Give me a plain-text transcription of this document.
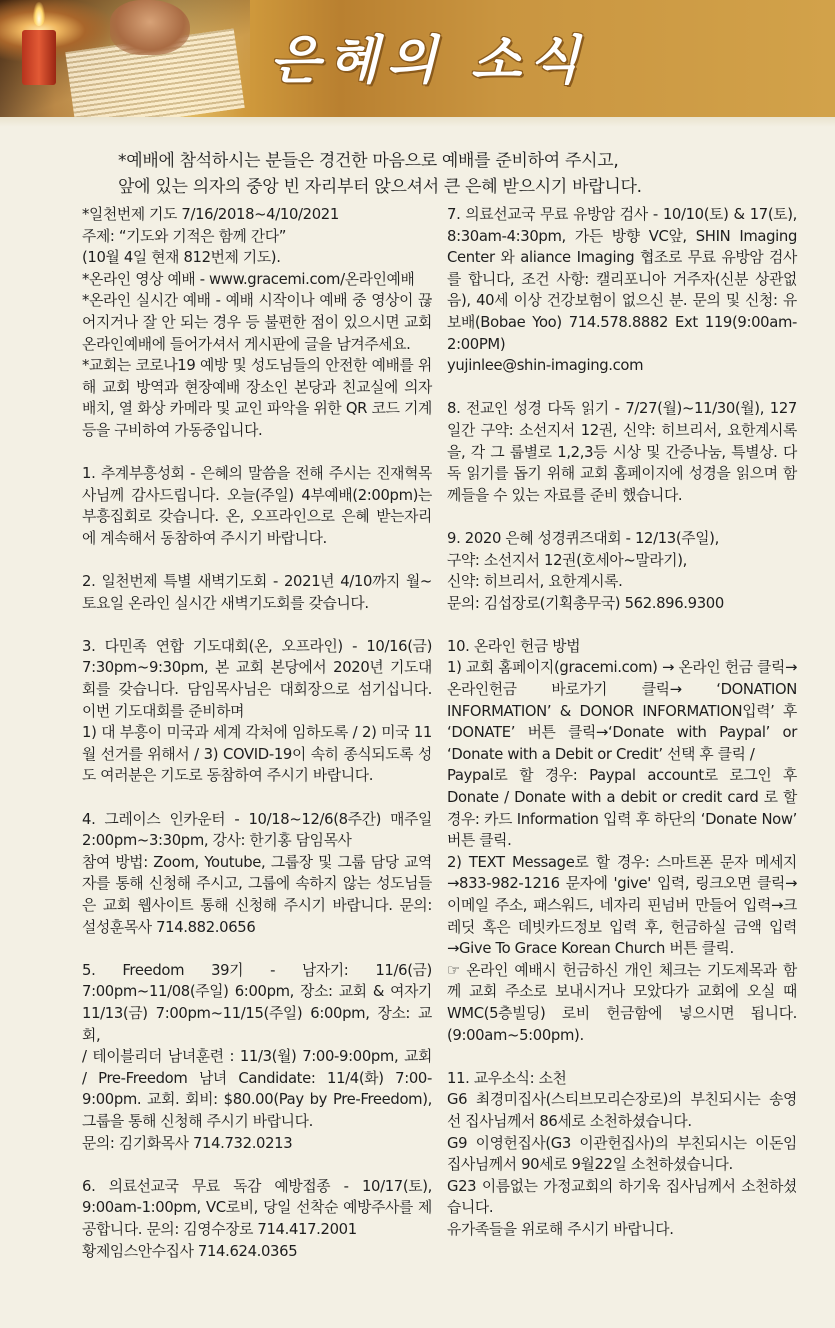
은혜의 소식
*예배에 참석하시는 분들은 경건한 마음으로 예배를 준비하여 주시고,
앞에 있는 의자의 중앙 빈 자리부터 앉으셔서 큰 은혜 받으시기 바랍니다.

*일천번제 기도 7/16/2018~4/10/2021
주제: “기도와 기적은 함께 간다”
(10월 4일 현재 812번제 기도).
*온라인 영상 예배 - www.gracemi.com/온라인예배
*온라인 실시간 예배 - 예배 시작이나 예배 중 영상이 끊어지거나 잘 안 되는 경우 등 불편한 점이 있으시면 교회 온라인예배에 들어가셔서 게시판에 글을 남겨주세요.
*교회는 코로나19 예방 및 성도님들의 안전한 예배를 위해 교회 방역과 현장예배 장소인 본당과 친교실에 의자 배치, 열 화상 카메라 및 교인 파악을 위한 QR 코드 기계 등을 구비하여 가동중입니다.

1. 추계부흥성회 - 은혜의 말씀을 전해 주시는 진재혁목사님께 감사드립니다. 오늘(주일) 4부예배(2:00pm)는 부흥집회로 갖습니다. 온, 오프라인으로 은혜 받는자리에 계속해서 동참하여 주시기 바랍니다.

2. 일천번제 특별 새벽기도회 - 2021년 4/10까지 월~토요일 온라인 실시간 새벽기도회를 갖습니다.

3. 다민족 연합 기도대회(온, 오프라인) - 10/16(금) 7:30pm~9:30pm, 본 교회 본당에서 2020년 기도대회를 갖습니다. 담임목사님은 대회장으로 섬기십니다. 이번 기도대회를 준비하며
1) 대 부흥이 미국과 세계 각처에 임하도록 / 2) 미국 11월 선거를 위해서 / 3) COVID-19이 속히 종식되도록 성도 여러분은 기도로 동참하여 주시기 바랍니다.

4. 그레이스 인카운터 - 10/18~12/6(8주간) 매주일 2:00pm~3:30pm, 강사: 한기홍 담임목사
참여 방법: Zoom, Youtube, 그룹장 및 그룹 담당 교역자를 통해 신청해 주시고, 그룹에 속하지 않는 성도님들은 교회 웹사이트 통해 신청해 주시기 바랍니다. 문의: 설성훈목사 714.882.0656

5. Freedom 39기 - 남자기: 11/6(금) 7:00pm~11/08(주일) 6:00pm, 장소: 교회 & 여자기 11/13(금) 7:00pm~11/15(주일) 6:00pm, 장소: 교회,
/ 테이블리더 남녀훈련 : 11/3(월) 7:00-9:00pm, 교회 / Pre-Freedom 남녀 Candidate: 11/4(화) 7:00-9:00pm. 교회. 회비: $80.00(Pay by Pre-Freedom), 그룹을 통해 신청해 주시기 바랍니다.
문의: 김기화목사 714.732.0213

6. 의료선교국 무료 독감 예방접종 - 10/17(토), 9:00am-1:00pm, VC로비, 당일 선착순 예방주사를 제공합니다. 문의: 김영수장로 714.417.2001
황제임스안수집사 714.624.0365

7. 의료선교국 무료 유방암 검사 - 10/10(토) & 17(토), 8:30am-4:30pm, 가든 방향 VC앞, SHIN Imaging Center 와 aliance Imaging 협조로 무료 유방암 검사를 합니다, 조건 사항: 캘리포니아 거주자(신분 상관없음), 40세 이상 건강보험이 없으신 분. 문의 및 신청: 유보배(Bobae Yoo) 714.578.8882 Ext 119(9:00am-2:00PM)
yujinlee@shin-imaging.com

8. 전교인 성경 다독 읽기 - 7/27(월)~11/30(월), 127일간 구약: 소선지서 12권, 신약: 히브리서, 요한계시록을, 각 그 룹별로 1,2,3등 시상 및 간증나눔, 특별상. 다독 읽기를 돕기 위해 교회 홈페이지에 성경을 읽으며 함께들을 수 있는 자료를 준비 했습니다.

9. 2020 은혜 성경퀴즈대회 - 12/13(주일),
구약: 소선지서 12권(호세아~말라기),
신약: 히브리서, 요한계시록.
문의: 김섭장로(기획총무국) 562.896.9300

10. 온라인 헌금 방법
1) 교회 홈페이지(gracemi.com) → 온라인 헌금 클릭→온라인헌금 바로가기 클릭→ ‘DONATION INFORMATION’ & DONOR INFORMATION입력’ 후 ‘DONATE’ 버튼 클릭→‘Donate with Paypal’ or ‘Donate with a Debit or Credit’ 선택 후 클릭 /
Paypal로 할 경우: Paypal account로 로그인 후 Donate / Donate with a debit or credit card 로 할 경우: 카드 Information 입력 후 하단의 ‘Donate Now’ 버튼 클릭.
2) TEXT Message로 할 경우: 스마트폰 문자 메세지→833-982-1216 문자에 'give' 입력, 링크오면 클릭→이메일 주소, 패스워드, 네자리 핀넘버 만들어 입력→크레딧 혹은 데빗카드정보 입력 후, 헌금하실 금액 입력→Give To Grace Korean Church 버튼 클릭.
☞ 온라인 예배시 헌금하신 개인 체크는 기도제목과 함께 교회 주소로 보내시거나 모았다가 교회에 오실 때 WMC(5층빌딩) 로비 헌금함에 넣으시면 됩니다. (9:00am~5:00pm).

11. 교우소식: 소천
G6 최경미집사(스티브모리슨장로)의 부친되시는 송영선 집사님께서 86세로 소천하셨습니다.
G9 이영헌집사(G3 이관헌집사)의 부친되시는 이돈임 집사님께서 90세로 9월22일 소천하셨습니다.
G23 이름없는 가정교회의 하기욱 집사님께서 소천하셨습니다.
유가족들을 위로해 주시기 바랍니다.
